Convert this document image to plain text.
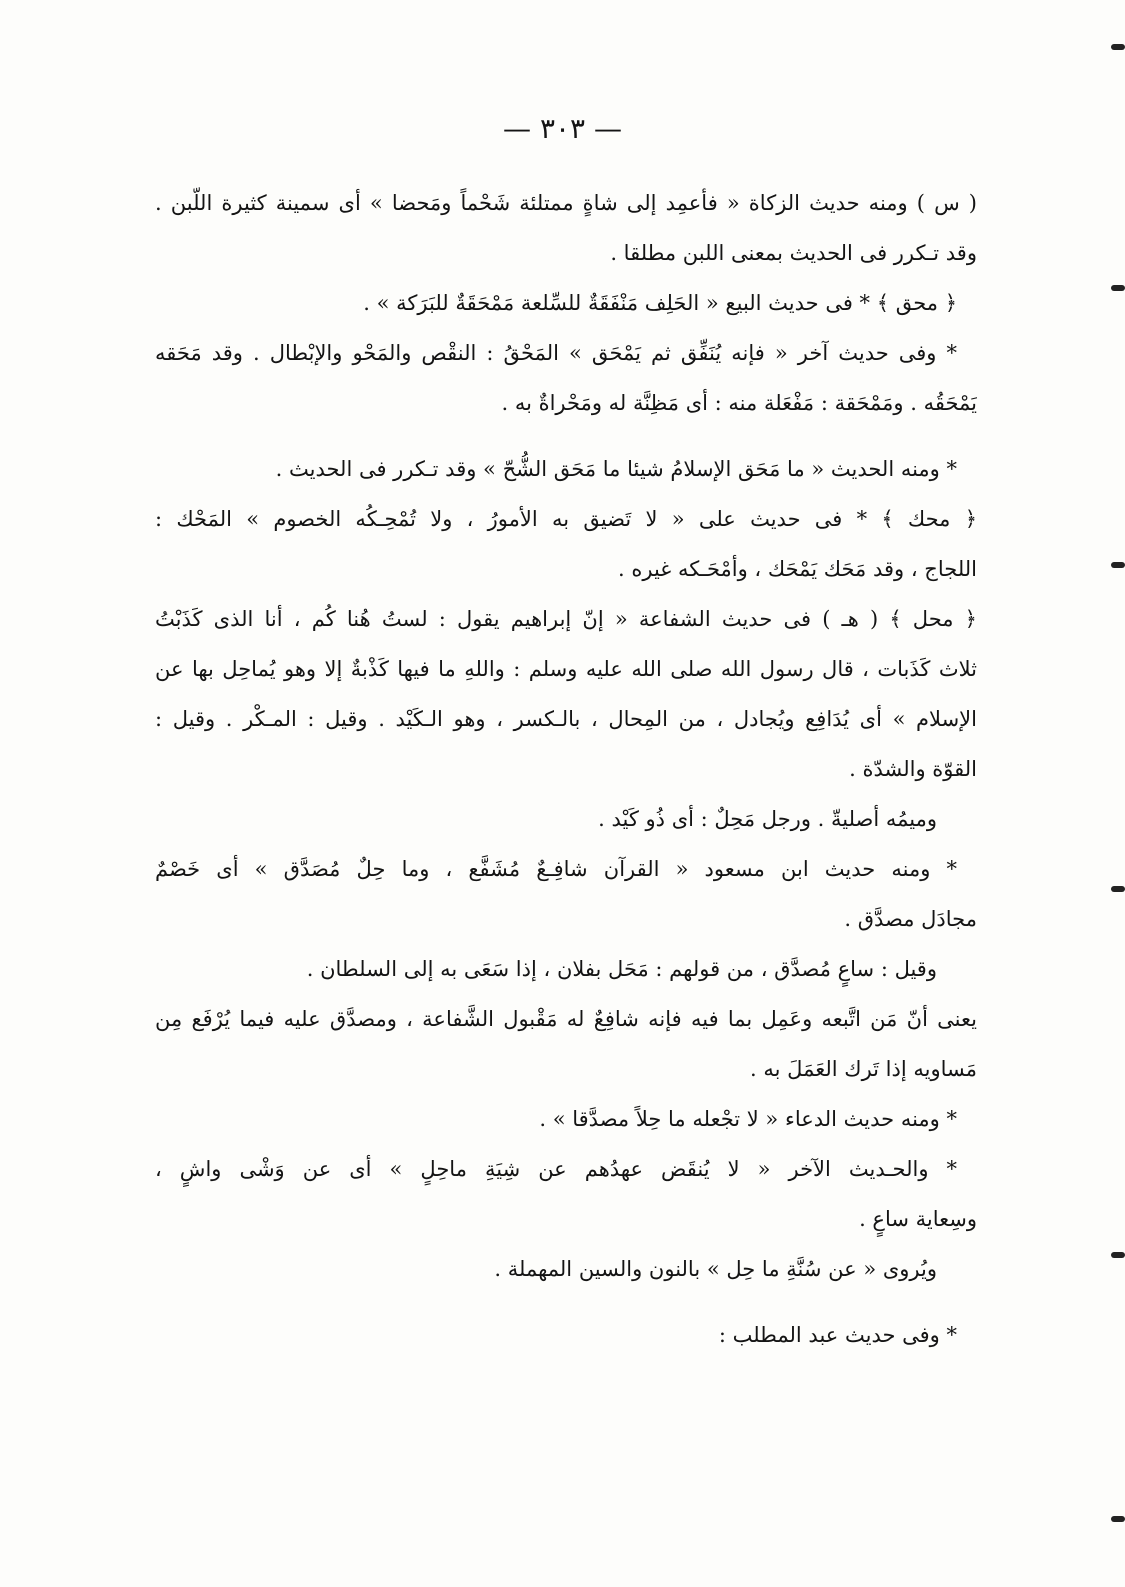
— ٣٠٣ —
( س ) ومنه حديث الزكاة « فأعمِد إلى شاةٍ ممتلئة شَحْماً ومَحضا » أى سمينة كثيرة اللّبن .
وقد تـكرر فى الحديث بمعنى اللبن مطلقا .
﴿ محق ﴾ * فى حديث البيع « الحَلِف مَنْفَقَةٌ للسِّلعة مَمْحَقَةٌ للبَرَكة » .
* وفى حديث آخر « فإنه يُنَفِّق ثم يَمْحَق » المَحْقُ : النقْص والمَحْو والإبْطال . وقد مَحَقه
يَمْحَقُه . ومَمْحَقة : مَفْعَلة منه : أى مَظِنَّة له ومَحْراةٌ به .
* ومنه الحديث « ما مَحَق الإسلامُ شيئا ما مَحَق الشُّحّ » وقد تـكرر فى الحديث .
﴿ محك ﴾ * فى حديث على « لا تَضيق به الأمورُ ، ولا تُمْحِـكُه الخصوم » المَحْك :
اللجاج ، وقد مَحَك يَمْحَك ، وأمْحَـكه غيره .
﴿ محل ﴾ ( هـ ) فى حديث الشفاعة « إنّ إبراهيم يقول : لستُ هُنا كُم ، أنا الذى كَذَبْتُ
ثلاث كَذَبات ، قال رسول الله صلى الله عليه وسلم : واللهِ ما فيها كَذْبةٌ إلا وهو يُماحِل بها عن
الإسلام » أى يُدَافِع ويُجادل ، من المِحال ، بالـكسر ، وهو الـكَيْد . وقيل : المـكْر . وقيل :
القوّة والشدّة .
وميمُه أصليةّ . ورجل مَحِلٌ : أى ذُو كَيْد .
* ومنه حديث ابن مسعود « القرآن شافِـعٌ مُشَفَّع ، وما حِلٌ مُصَدَّق » أى خَصْمٌ
مجادَل مصدَّق .
وقيل : ساعٍ مُصدَّق ، من قولهم : مَحَل بفلان ، إذا سَعَى به إلى السلطان .
يعنى أنّ مَن اتَّبعه وعَمِل بما فيه فإنه شافِعٌ له مَقْبول الشَّفاعة ، ومصدَّق عليه فيما يُرْفَع مِن
مَساويه إذا تَرك العَمَلَ به .
* ومنه حديث الدعاء « لا تجْعله ما حِلاً مصدَّقا » .
* والحـديث الآخر « لا يُنقَض عهدُهم عن شِيَةِ ماحِلٍ » أى عن وَشْى واشٍ ،
وسِعاية ساعٍ .
ويُروى « عن سُنَّةِ ما حِل » بالنون والسين المهملة .
* وفى حديث عبد المطلب :
